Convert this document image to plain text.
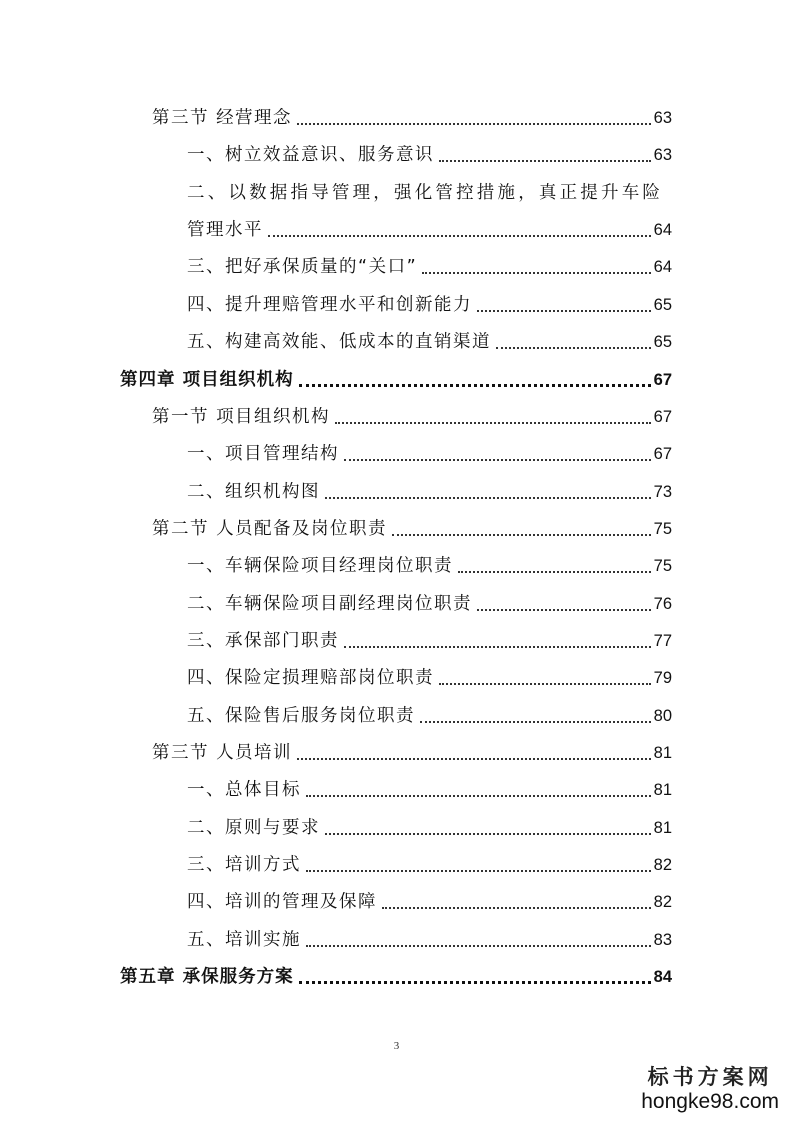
第三节 经营理念	63
一、树立效益意识、服务意识	63
二、以数据指导管理，强化管控措施，真正提升车险
管理水平	64
三、把好承保质量的“关口”	64
四、提升理赔管理水平和创新能力	65
五、构建高效能、低成本的直销渠道	65
第四章 项目组织机构	67
第一节 项目组织机构	67
一、项目管理结构	67
二、组织机构图	73
第二节 人员配备及岗位职责	75
一、车辆保险项目经理岗位职责	75
二、车辆保险项目副经理岗位职责	76
三、承保部门职责	77
四、保险定损理赔部岗位职责	79
五、保险售后服务岗位职责	80
第三节 人员培训	81
一、总体目标	81
二、原则与要求	81
三、培训方式	82
四、培训的管理及保障	82
五、培训实施	83
第五章 承保服务方案	84
3
标书方案网
hongke98.com
